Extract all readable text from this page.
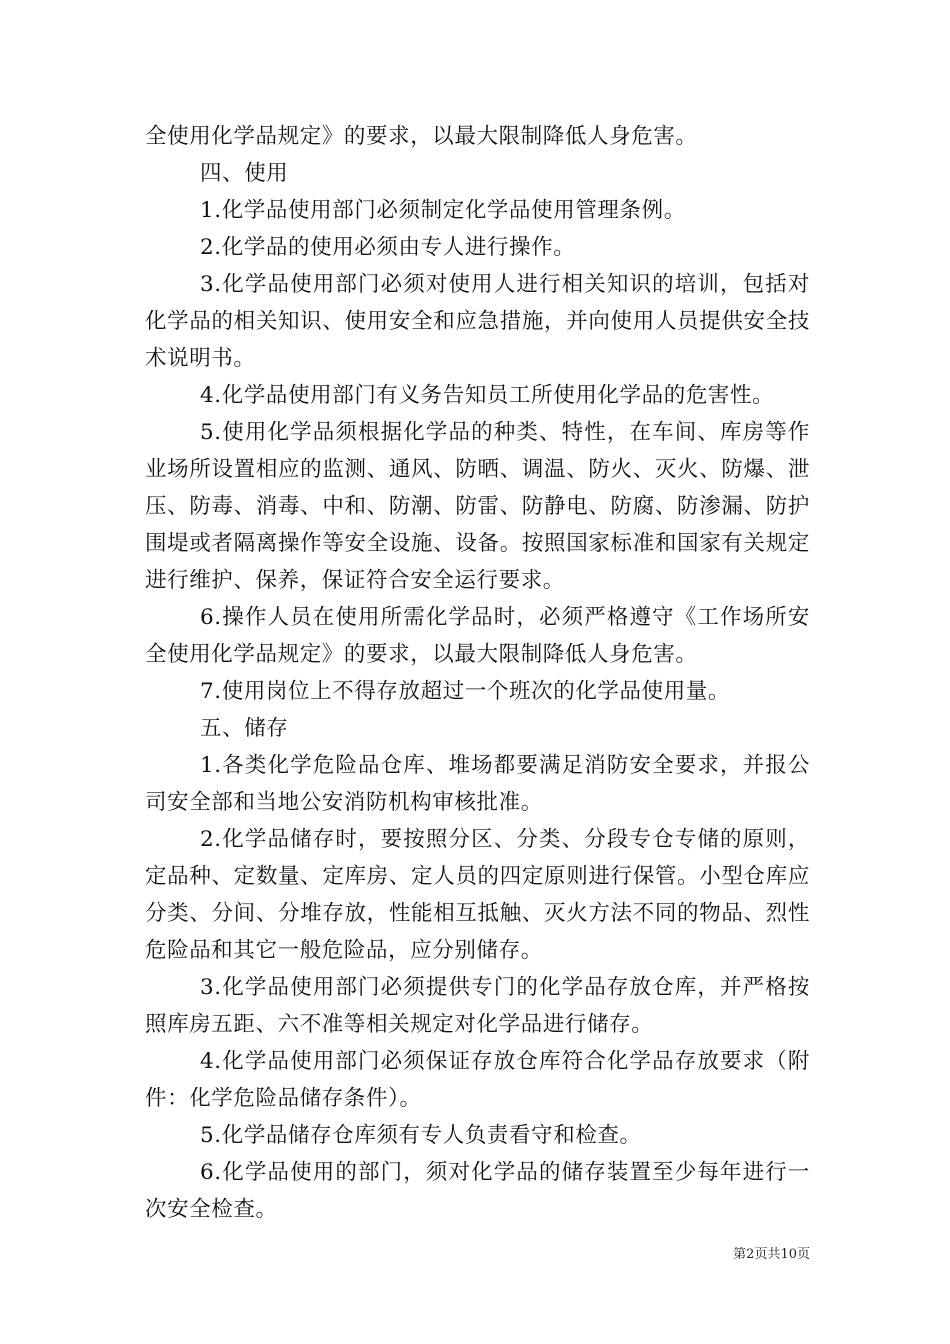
全使用化学品规定》的要求，以最大限制降低人身危害。

四、使用

1.化学品使用部门必须制定化学品使用管理条例。

2.化学品的使用必须由专人进行操作。

3.化学品使用部门必须对使用人进行相关知识的培训，包括对化学品的相关知识、使用安全和应急措施，并向使用人员提供安全技术说明书。

4.化学品使用部门有义务告知员工所使用化学品的危害性。

5.使用化学品须根据化学品的种类、特性，在车间、库房等作业场所设置相应的监测、通风、防晒、调温、防火、灭火、防爆、泄压、防毒、消毒、中和、防潮、防雷、防静电、防腐、防渗漏、防护围堤或者隔离操作等安全设施、设备。按照国家标准和国家有关规定进行维护、保养，保证符合安全运行要求。

6.操作人员在使用所需化学品时，必须严格遵守《工作场所安全使用化学品规定》的要求，以最大限制降低人身危害。

7.使用岗位上不得存放超过一个班次的化学品使用量。

五、储存

1.各类化学危险品仓库、堆场都要满足消防安全要求，并报公司安全部和当地公安消防机构审核批准。

2.化学品储存时，要按照分区、分类、分段专仓专储的原则，定品种、定数量、定库房、定人员的四定原则进行保管。小型仓库应分类、分间、分堆存放，性能相互抵触、灭火方法不同的物品、烈性危险品和其它一般危险品，应分别储存。

3.化学品使用部门必须提供专门的化学品存放仓库，并严格按照库房五距、六不准等相关规定对化学品进行储存。

4.化学品使用部门必须保证存放仓库符合化学品存放要求（附件：化学危险品储存条件）。

5.化学品储存仓库须有专人负责看守和检查。

6.化学品使用的部门，须对化学品的储存装置至少每年进行一次安全检查。

第2页共10页
